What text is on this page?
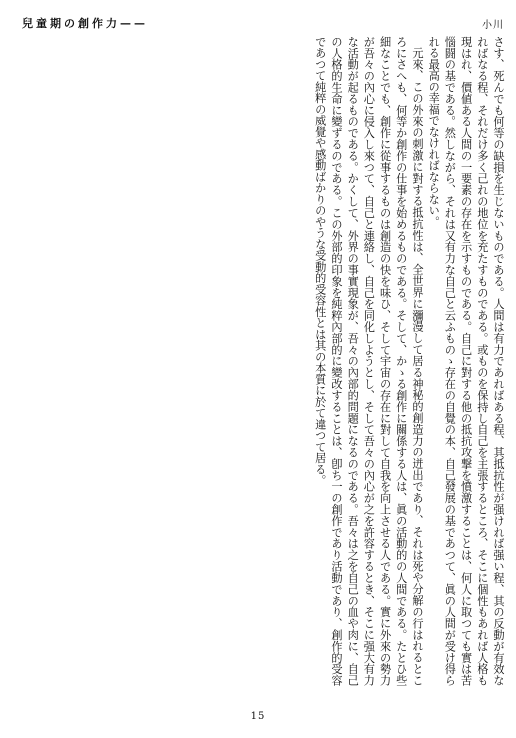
兒童期の創作力——	小川

さす、死んでも何等の缺損を生じないものである。人間は有力であればある程、其抵抗性が强ければ强い程、其の反動が有效なればなる程、それだけ多く己れの地位を充たすものである。或ものを保持し自己を主張するところ、そこに個性もあれば人格も現はれ、價値ある人間の一要素の存在を示すものである。自己に對する他の抵抗攻撃を憤激することは、何人に取つても實は苦惱闘の基である。然しながら、それは又有力な自己と云ふものゝ存在の自覺の本、自己發展の基であつて、眞の人間が受け得られる最高の幸福でなければならない。

元來、この外來の刺激に對する抵抗性は、全世界に瀰漫して居る神秘的創造力の迸出であり、それは死や分解の行はれるところにさへも、何等か創作の仕事を始めるものである。そして、かゝる創作に關係する人は、眞の活動的の人間である。たとひ些細なことでも、創作に從事するものは創造の快を味ひ、そして宇宙の存在に對して自我を向上させる人である。實に外來の勢力が吾々の內心に侵入し來つて、自己と連絡し、自己を同化しようとし、そして吾々の內心が之を許容するとき、そこに强大有力な活動が起るものである。かくして、外界の事實現象が、吾々の內部的問題になるのである。吾々は之を自己の血や肉に、自己の人格的生命に變ずるのである。この外部的印象を純粹內部的に變改することは、卽ち一の創作であり活動であり、創作的受容であつて純粹の威覺や感動ばかりのやうな受動的受容性とは其の本質に於て違つて居る。

15
